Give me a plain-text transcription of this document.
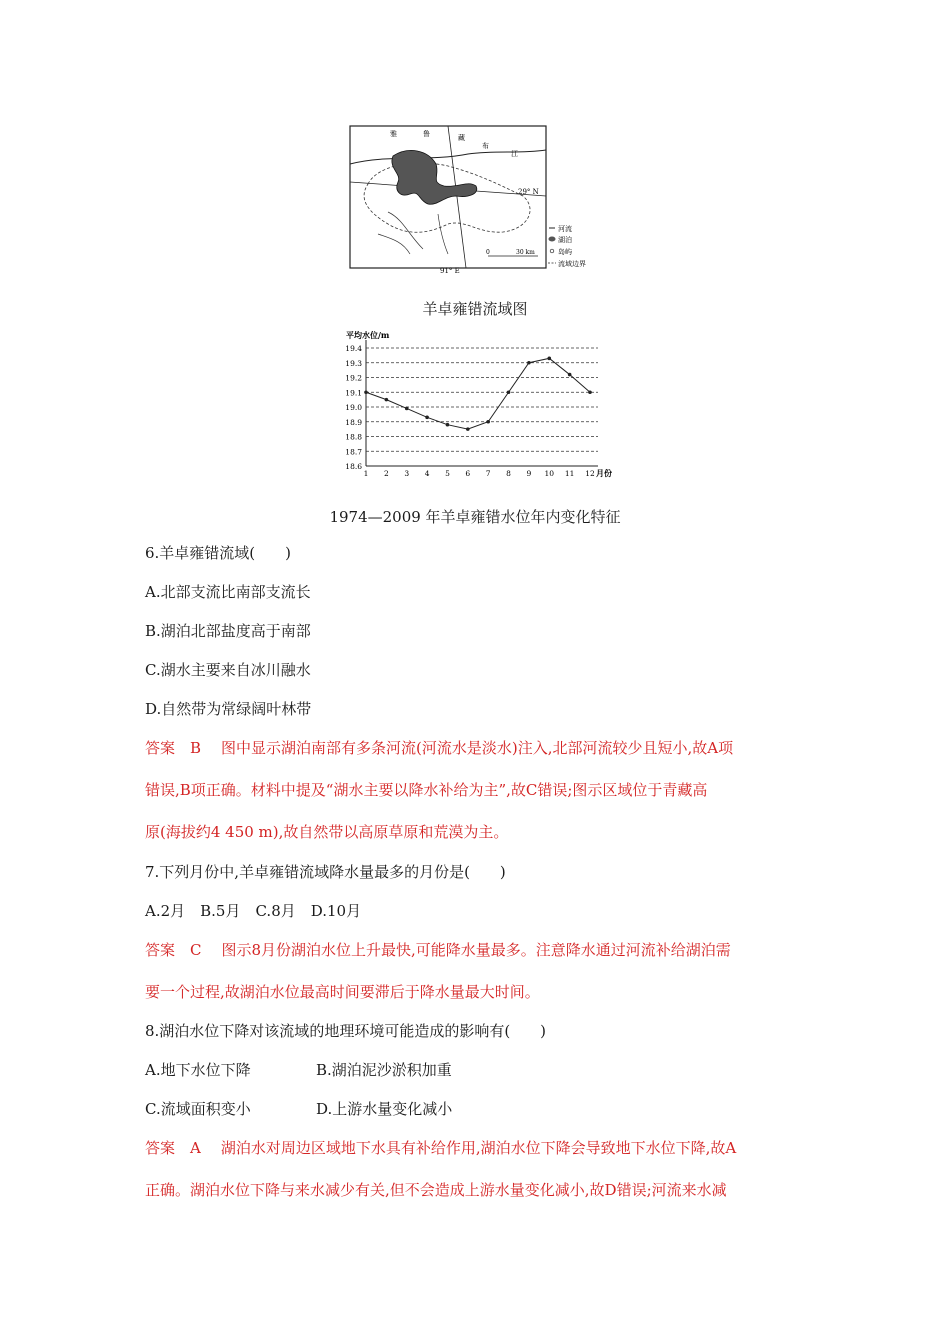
雅	鲁	藏
布
江
29° N
91° E
0	30 km
河流
湖泊
岛屿
流域边界
羊卓雍错流域图
18.6
18.7
18.8
18.9
19.0
19.1
19.2
19.3
19.4
1 2 3 4 5 6 7 8 9 10 11 12
平均水位/m
月份
1974—2009 年羊卓雍错水位年内变化特征
6.羊卓雍错流域(　　)
A.北部支流比南部支流长
B.湖泊北部盐度高于南部
C.湖水主要来自冰川融水
D.自然带为常绿阔叶林带
答案　B 图中显示湖泊南部有多条河流(河流水是淡水)注入,北部河流较少且短小,故A项
错误,B项正确。材料中提及“湖水主要以降水补给为主”,故C错误;图示区域位于青藏高
原(海拔约4 450 m),故自然带以高原草原和荒漠为主。
7.下列月份中,羊卓雍错流域降水量最多的月份是(　　)
A.2月　B.5月　C.8月　D.10月
答案　C 图示8月份湖泊水位上升最快,可能降水量最多。注意降水通过河流补给湖泊需
要一个过程,故湖泊水位最高时间要滞后于降水量最大时间。
8.湖泊水位下降对该流域的地理环境可能造成的影响有(　　)
A.地下水位下降	B.湖泊泥沙淤积加重
C.流域面积变小	D.上游水量变化减小
答案　A 湖泊水对周边区域地下水具有补给作用,湖泊水位下降会导致地下水位下降,故A
正确。湖泊水位下降与来水减少有关,但不会造成上游水量变化减小,故D错误;河流来水减
